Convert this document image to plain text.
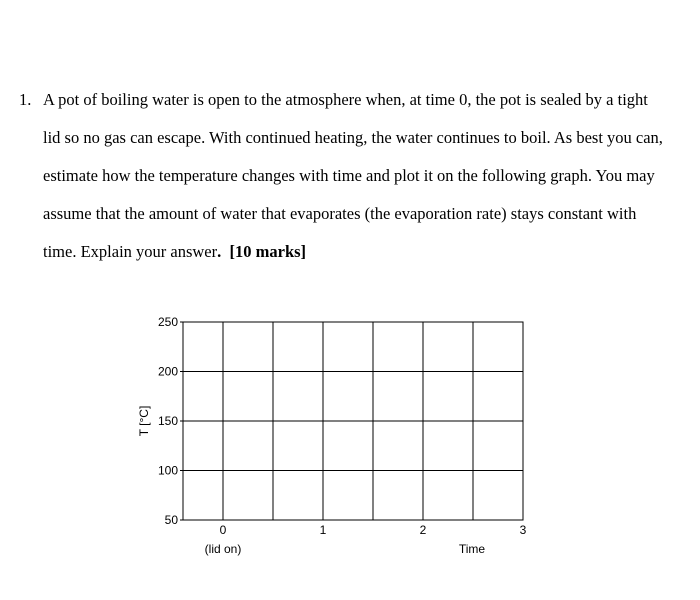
1. A pot of boiling water is open to the atmosphere when, at time 0, the pot is sealed by a tight
lid so no gas can escape. With continued heating, the water continues to boil. As best you can,
estimate how the temperature changes with time and plot it on the following graph. You may
assume that the amount of water that evaporates (the evaporation rate) stays constant with
time. Explain your answer. [10 marks]
50
100
150
200
250
0	1	2	3
(lid on)	Time
T [°C]
